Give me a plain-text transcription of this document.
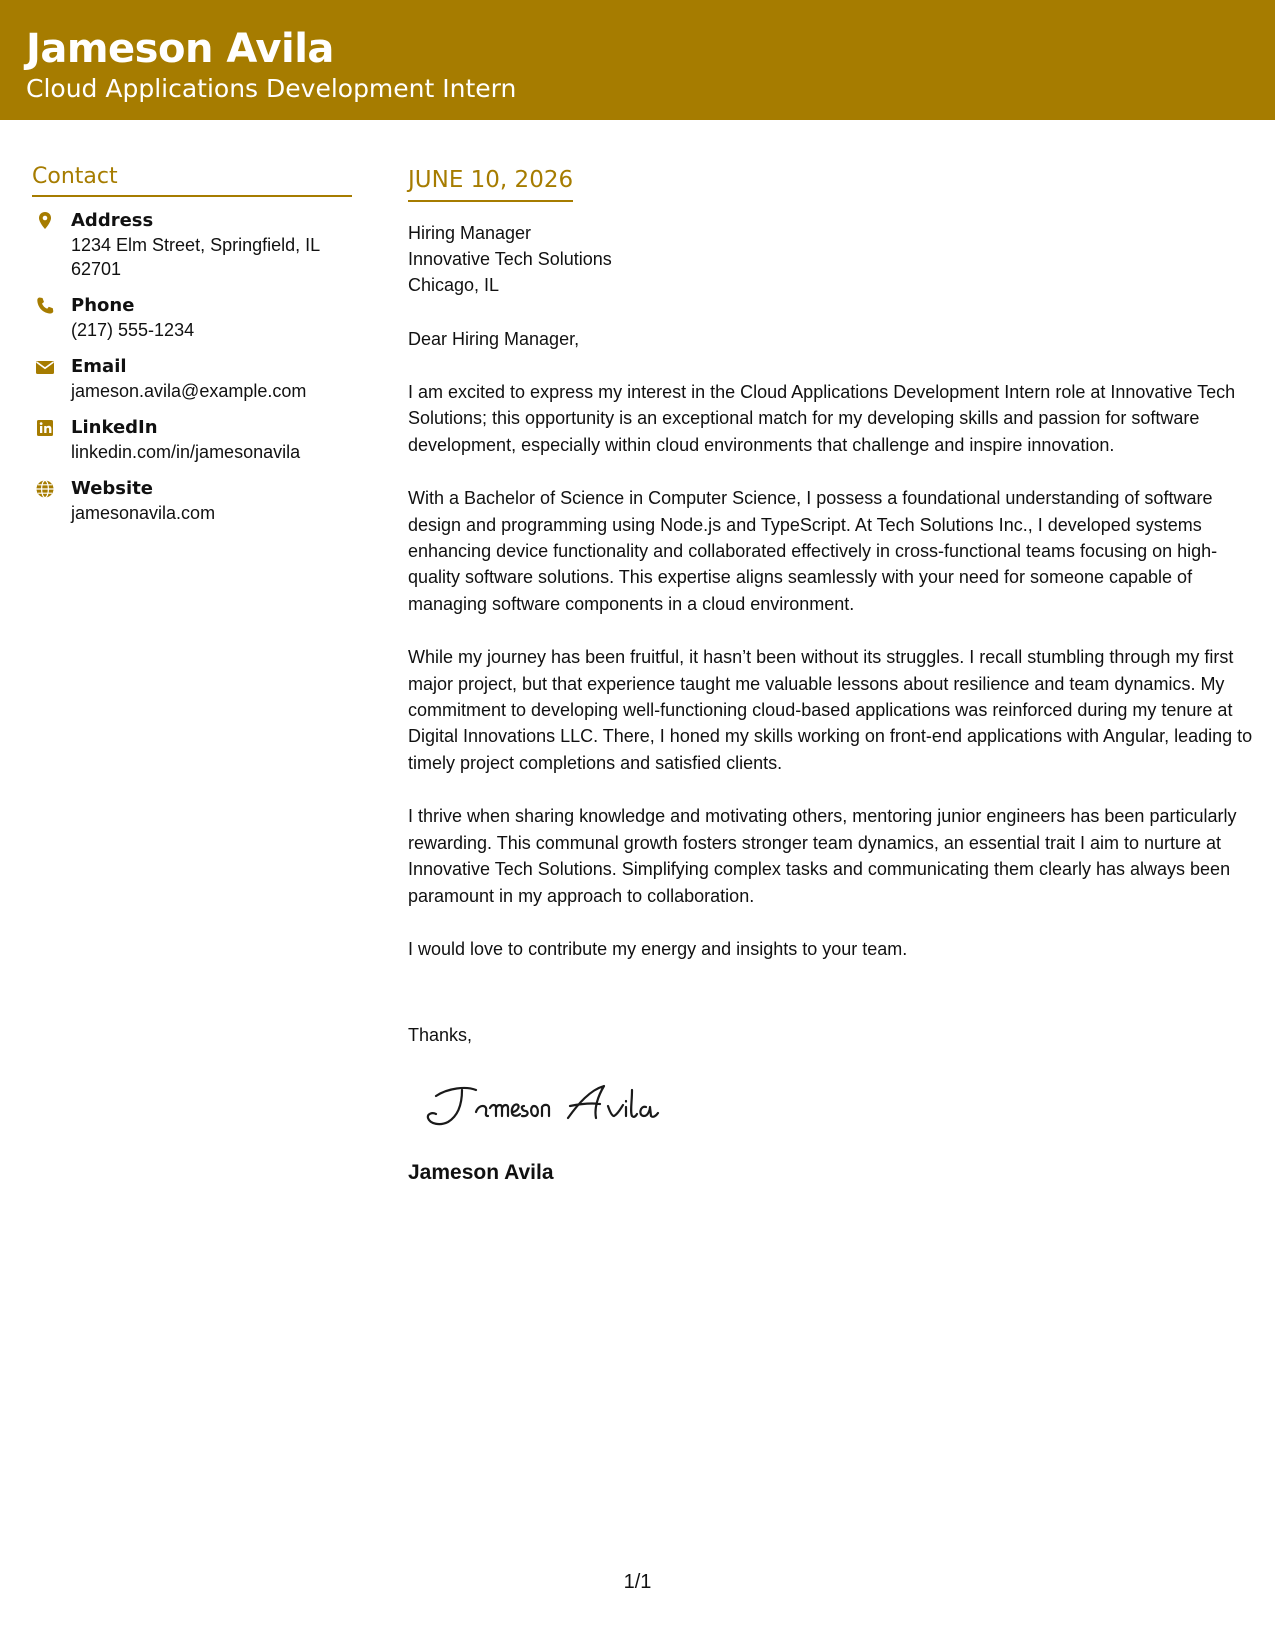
Jameson Avila
Cloud Applications Development Intern
Contact
Address
1234 Elm Street, Springfield, IL 62701
Phone
(217) 555-1234
Email
jameson.avila@example.com
LinkedIn
linkedin.com/in/jamesonavila
Website
jamesonavila.com
JUNE 10, 2026
Hiring Manager
Innovative Tech Solutions
Chicago, IL
Dear Hiring Manager,
I am excited to express my interest in the Cloud Applications Development Intern role at Innovative Tech Solutions; this opportunity is an exceptional match for my developing skills and passion for software development, especially within cloud environments that challenge and inspire innovation.
With a Bachelor of Science in Computer Science, I possess a foundational understanding of software design and programming using Node.js and TypeScript. At Tech Solutions Inc., I developed systems enhancing device functionality and collaborated effectively in cross-functional teams focusing on high-quality software solutions. This expertise aligns seamlessly with your need for someone capable of managing software components in a cloud environment.
While my journey has been fruitful, it hasn’t been without its struggles. I recall stumbling through my first major project, but that experience taught me valuable lessons about resilience and team dynamics. My commitment to developing well-functioning cloud-based applications was reinforced during my tenure at Digital Innovations LLC. There, I honed my skills working on front-end applications with Angular, leading to timely project completions and satisfied clients.
I thrive when sharing knowledge and motivating others, mentoring junior engineers has been particularly rewarding. This communal growth fosters stronger team dynamics, an essential trait I aim to nurture at Innovative Tech Solutions. Simplifying complex tasks and communicating them clearly has always been paramount in my approach to collaboration.
I would love to contribute my energy and insights to your team.
Thanks,
Jameson Avila
1/1
